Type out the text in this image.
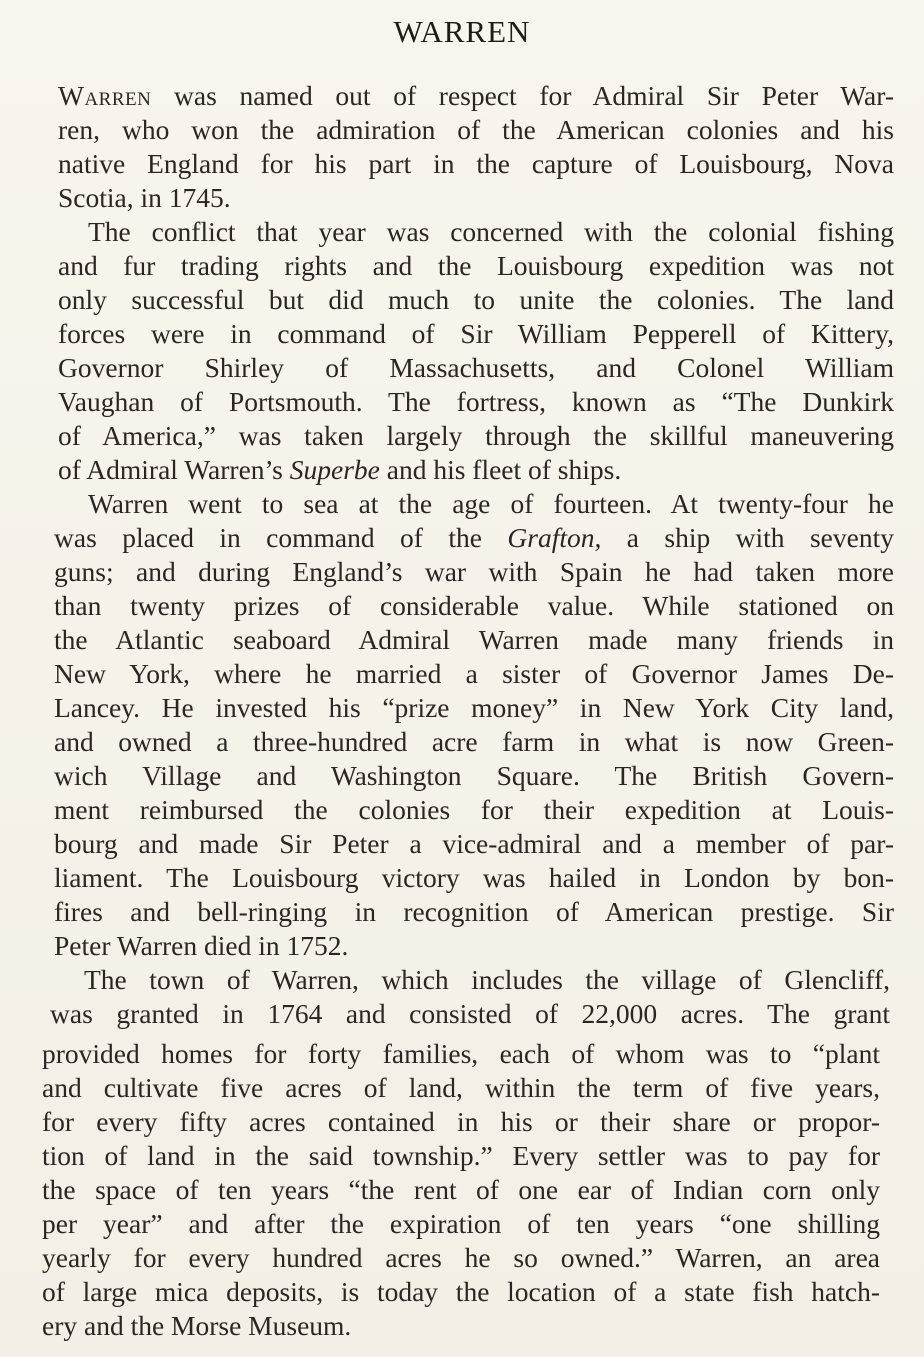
WARREN
Warren was named out of respect for Admiral Sir Peter War-
ren, who won the admiration of the American colonies and his
native England for his part in the capture of Louisbourg, Nova
Scotia, in 1745.
The conflict that year was concerned with the colonial fishing
and fur trading rights and the Louisbourg expedition was not
only successful but did much to unite the colonies. The land
forces were in command of Sir William Pepperell of Kittery,
Governor Shirley of Massachusetts, and Colonel William
Vaughan of Portsmouth. The fortress, known as “The Dunkirk
of America,” was taken largely through the skillful maneuvering
of Admiral Warren’s Superbe and his fleet of ships.
Warren went to sea at the age of fourteen. At twenty-four he
was placed in command of the Grafton, a ship with seventy
guns; and during England’s war with Spain he had taken more
than twenty prizes of considerable value. While stationed on
the Atlantic seaboard Admiral Warren made many friends in
New York, where he married a sister of Governor James De-
Lancey. He invested his “prize money” in New York City land,
and owned a three-hundred acre farm in what is now Green-
wich Village and Washington Square. The British Govern-
ment reimbursed the colonies for their expedition at Louis-
bourg and made Sir Peter a vice-admiral and a member of par-
liament. The Louisbourg victory was hailed in London by bon-
fires and bell-ringing in recognition of American prestige. Sir
Peter Warren died in 1752.
The town of Warren, which includes the village of Glencliff,
was granted in 1764 and consisted of 22,000 acres. The grant
provided homes for forty families, each of whom was to “plant
and cultivate five acres of land, within the term of five years,
for every fifty acres contained in his or their share or propor-
tion of land in the said township.” Every settler was to pay for
the space of ten years “the rent of one ear of Indian corn only
per year” and after the expiration of ten years “one shilling
yearly for every hundred acres he so owned.” Warren, an area
of large mica deposits, is today the location of a state fish hatch-
ery and the Morse Museum.
